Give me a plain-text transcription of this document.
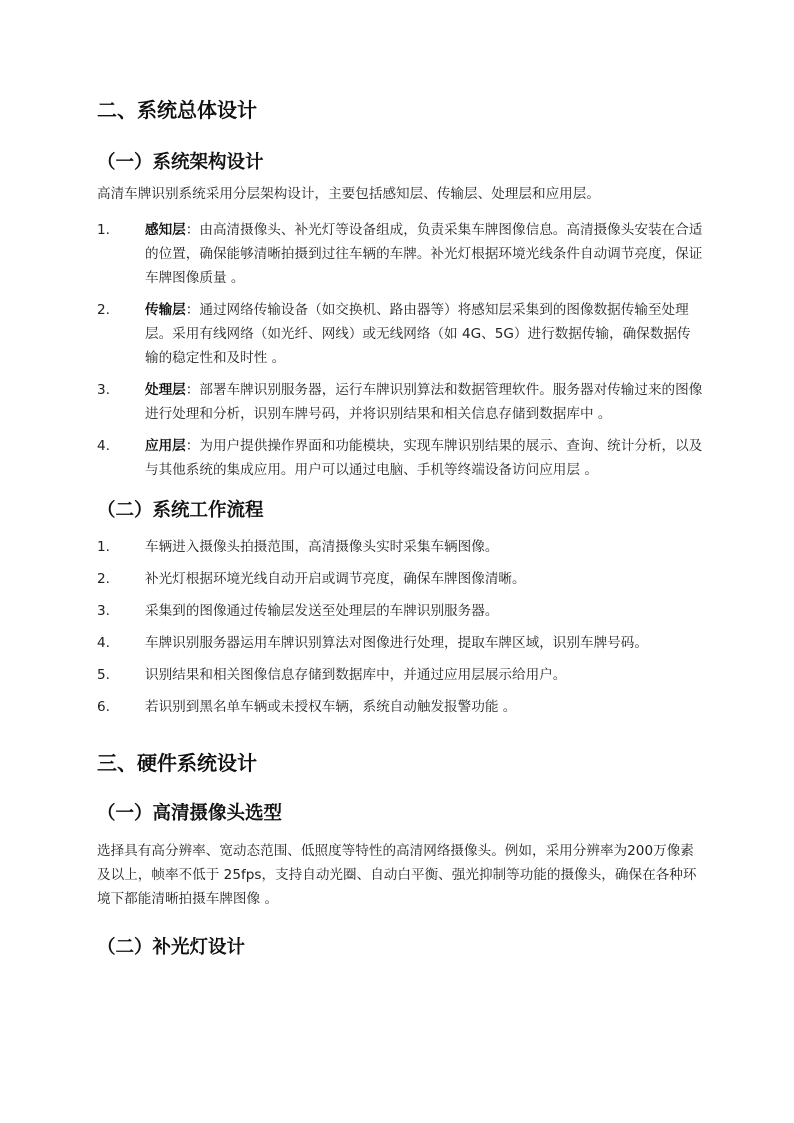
二、系统总体设计
（一）系统架构设计

高清车牌识别系统采用分层架构设计，主要包括感知层、传输层、处理层和应用层。

1.	感知层：由高清摄像头、补光灯等设备组成，负责采集车牌图像信息。高清摄像头安装在合适的位置，确保能够清晰拍摄到过往车辆的车牌。补光灯根据环境光线条件自动调节亮度，保证车牌图像质量 。
2.	传输层：通过网络传输设备（如交换机、路由器等）将感知层采集到的图像数据传输至处理层。采用有线网络（如光纤、网线）或无线网络（如 4G、5G）进行数据传输，确保数据传输的稳定性和及时性 。
3.	处理层：部署车牌识别服务器，运行车牌识别算法和数据管理软件。服务器对传输过来的图像进行处理和分析，识别车牌号码，并将识别结果和相关信息存储到数据库中 。
4.	应用层：为用户提供操作界面和功能模块，实现车牌识别结果的展示、查询、统计分析，以及与其他系统的集成应用。用户可以通过电脑、手机等终端设备访问应用层 。
（二）系统工作流程
1.	车辆进入摄像头拍摄范围，高清摄像头实时采集车辆图像。
2.	补光灯根据环境光线自动开启或调节亮度，确保车牌图像清晰。
3.	采集到的图像通过传输层发送至处理层的车牌识别服务器。
4.	车牌识别服务器运用车牌识别算法对图像进行处理，提取车牌区域，识别车牌号码。
5.	识别结果和相关图像信息存储到数据库中，并通过应用层展示给用户。
6.	若识别到黑名单车辆或未授权车辆，系统自动触发报警功能 。
三、硬件系统设计
（一）高清摄像头选型

选择具有高分辨率、宽动态范围、低照度等特性的高清网络摄像头。例如，采用分辨率为200万像素及以上，帧率不低于 25fps，支持自动光圈、自动白平衡、强光抑制等功能的摄像头，确保在各种环境下都能清晰拍摄车牌图像 。

（二）补光灯设计
